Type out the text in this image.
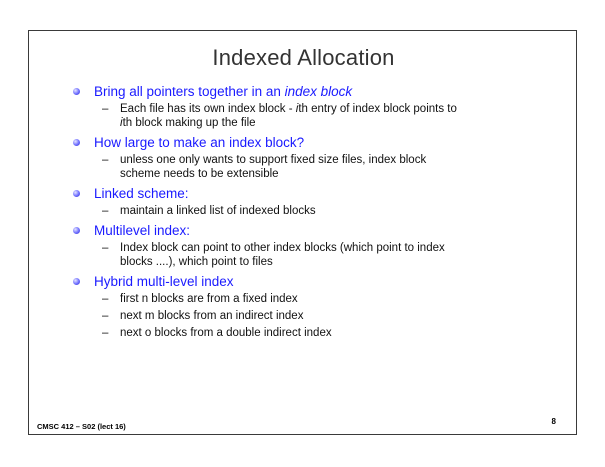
Indexed Allocation
Bring all pointers together in an index block
– Each file has its own index block - ith entry of index block points to
ith block making up the file
How large to make an index block?
– unless one only wants to support fixed size files, index block
scheme needs to be extensible
Linked scheme:
– maintain a linked list of indexed blocks
Multilevel index:
– Index block can point to other index blocks (which point to index
blocks ....), which point to files
Hybrid multi-level index
– first n blocks are from a fixed index
– next m blocks from an indirect index
– next o blocks from a double indirect index
CMSC 412 – S02 (lect 16)
8
